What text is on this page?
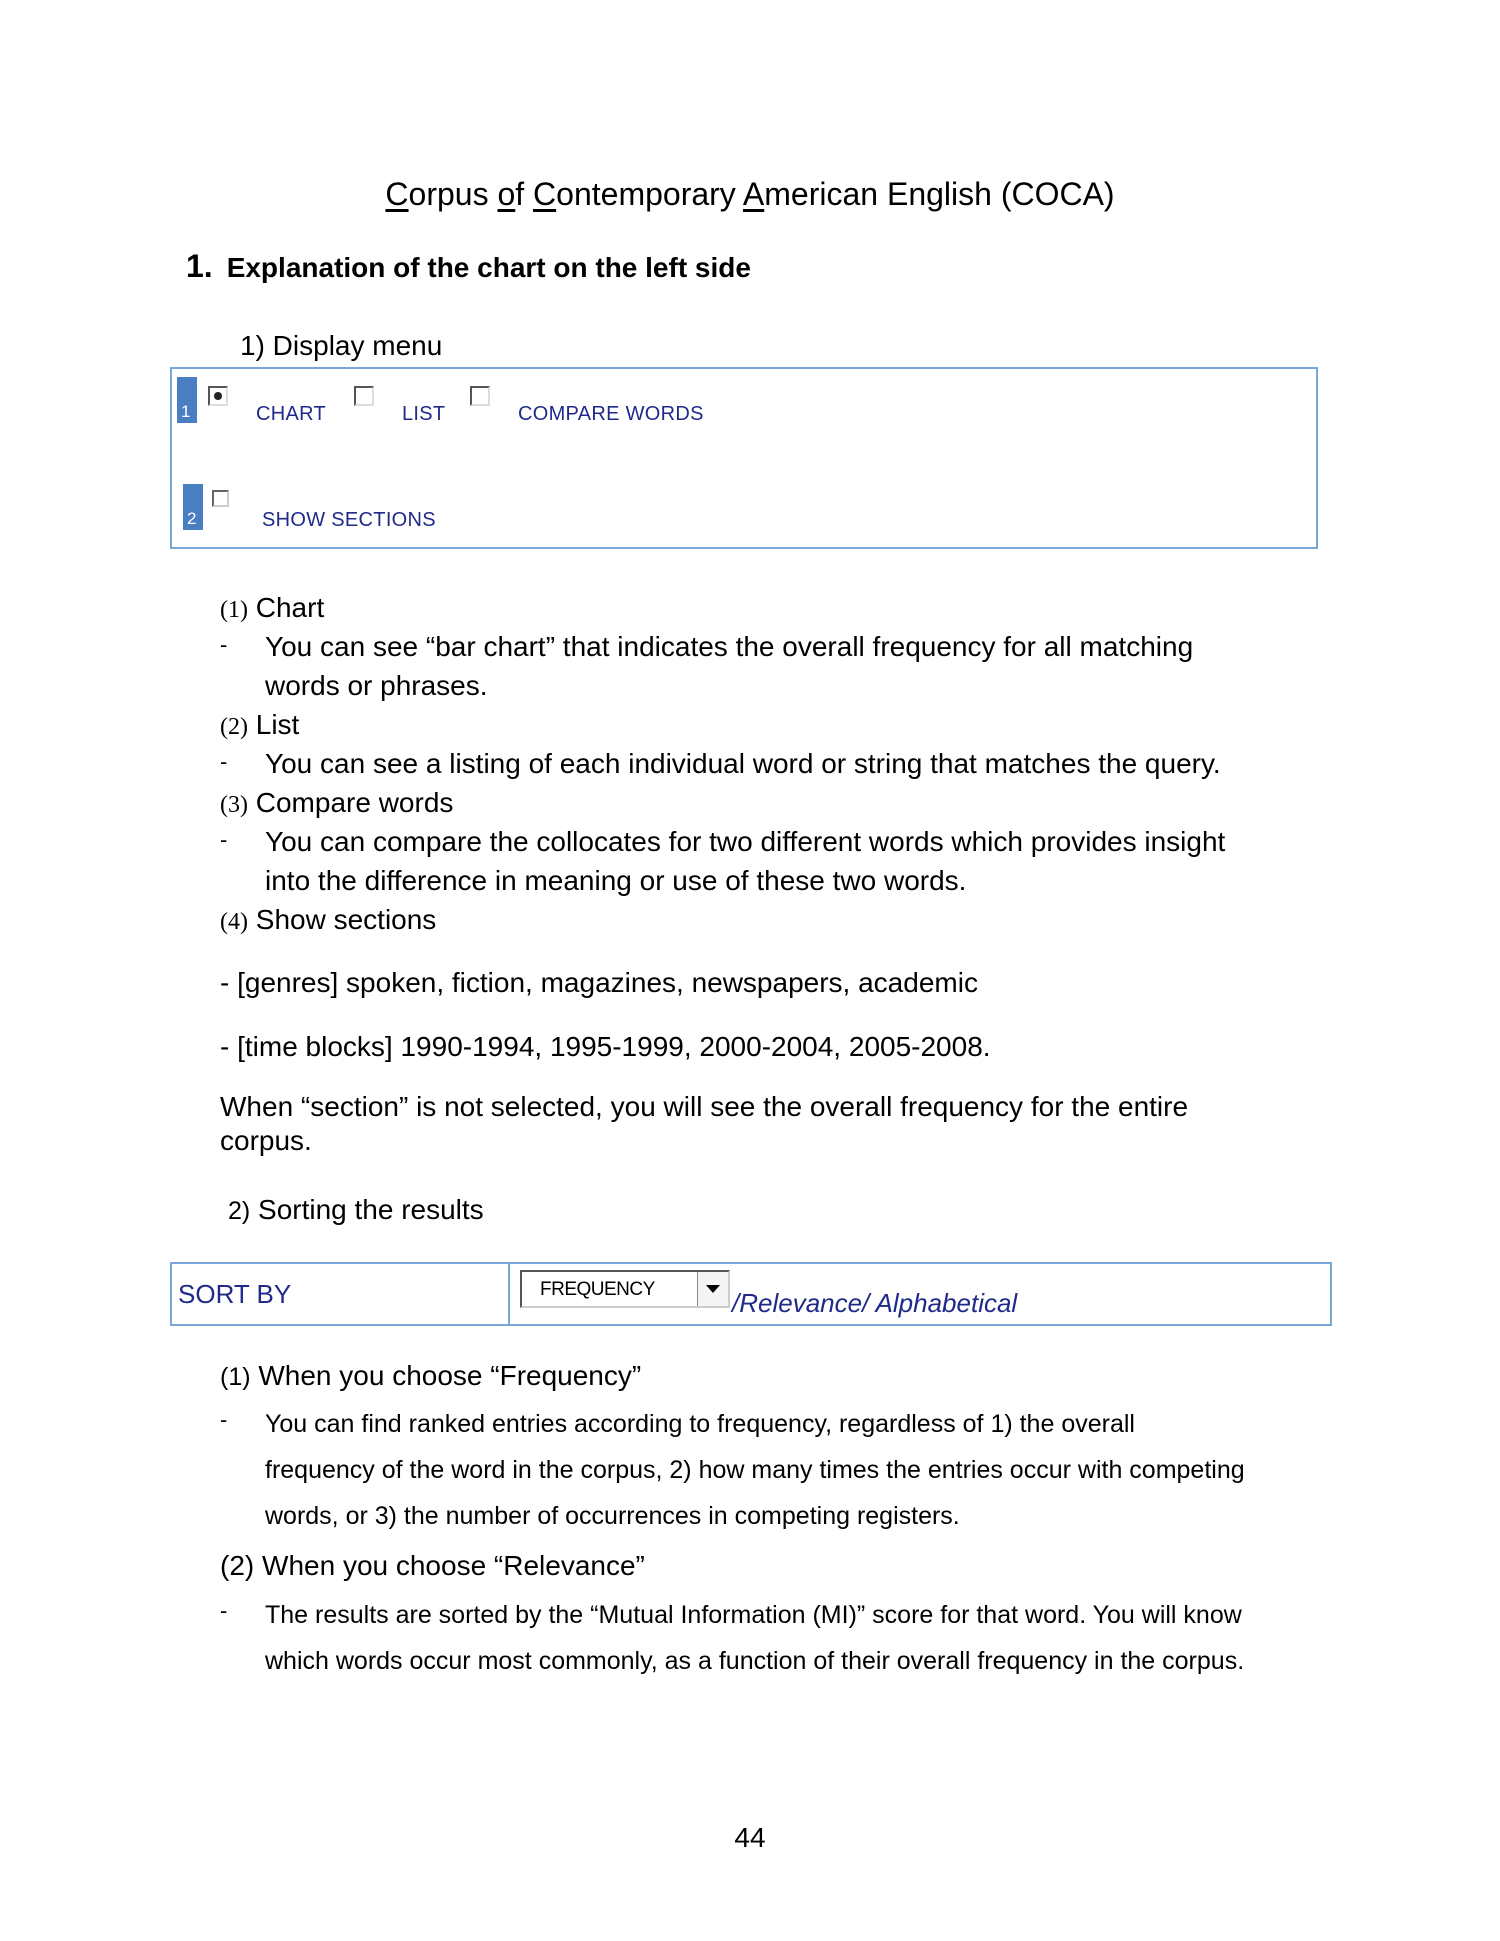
Corpus of Contemporary American English (COCA)
1. Explanation of the chart on the left side
1) Display menu
1	CHART	LIST	COMPARE WORDS
2	SHOW SECTIONS
(1) Chart
- You can see “bar chart” that indicates the overall frequency for all matching
words or phrases.
(2) List
- You can see a listing of each individual word or string that matches the query.
(3) Compare words
- You can compare the collocates for two different words which provides insight
into the difference in meaning or use of these two words.
(4) Show sections
- [genres] spoken, fiction, magazines, newspapers, academic
- [time blocks] 1990-1994, 1995-1999, 2000-2004, 2005-2008.
When “section” is not selected, you will see the overall frequency for the entire
corpus.
2) Sorting the results
SORT BY	FREQUENCY	/Relevance/ Alphabetical
(1) When you choose “Frequency”
- You can find ranked entries according to frequency, regardless of 1) the overall
frequency of the word in the corpus, 2) how many times the entries occur with competing
words, or 3) the number of occurrences in competing registers.
(2) When you choose “Relevance”
- The results are sorted by the “Mutual Information (MI)” score for that word. You will know
which words occur most commonly, as a function of their overall frequency in the corpus.
44
